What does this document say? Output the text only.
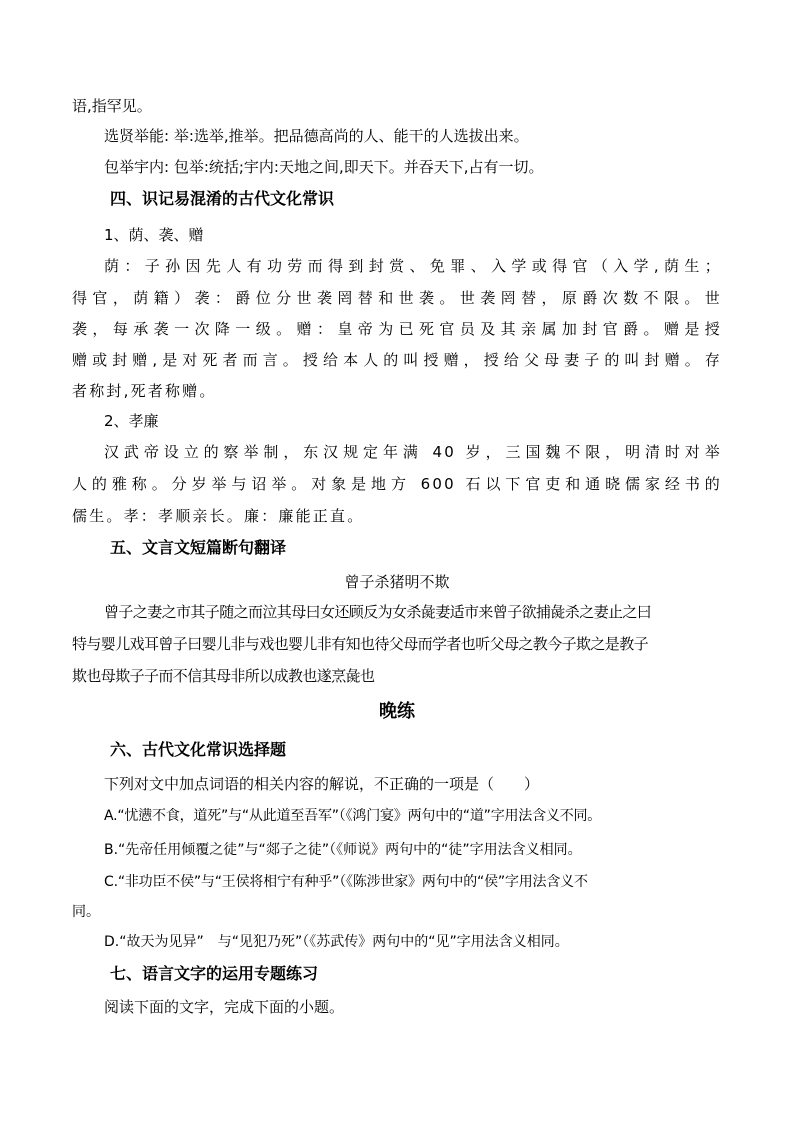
语,指罕见。
选贤举能: 举:选举,推举。把品德高尚的人、能干的人选拔出来。
包举宇内: 包举:统括;宇内:天地之间,即天下。并吞天下,占有一切。
四、识记易混淆的古代文化常识
1、荫、袭、赠
荫：子孙因先人有功劳而得到封赏、免罪、入学或得官（入学,荫生；
得官，荫籍）袭：爵位分世袭罔替和世袭。世袭罔替，原爵次数不限。世
袭，每承袭一次降一级。赠：皇帝为已死官员及其亲属加封官爵。赠是授
赠或封赠,是对死者而言。授给本人的叫授赠，授给父母妻子的叫封赠。存
者称封,死者称赠。
2、孝廉
汉武帝设立的察举制，东汉规定年满 40 岁，三国魏不限，明清时对举
人的雅称。分岁举与诏举。对象是地方 600 石以下官吏和通晓儒家经书的
儒生。孝：孝顺亲长。廉：廉能正直。
五、文言文短篇断句翻译
曾子杀猪明不欺
曾子之妻之市其子随之而泣其母曰女还顾反为女杀彘妻适市来曾子欲捕彘杀之妻止之曰
特与婴儿戏耳曾子曰婴儿非与戏也婴儿非有知也待父母而学者也听父母之教今子欺之是教子
欺也母欺子子而不信其母非所以成教也遂烹彘也
晚练
六、古代文化常识选择题
下列对文中加点词语的相关内容的解说，不正确的一项是（　　）
A.“忧懑不食，道死”与“从此道至吾军”（《鸿门宴》两句中的“道”字用法含义不同。
B.“先帝任用倾覆之徒”与“郯子之徒”（《师说》两句中的“徒”字用法含义相同。
C.“非功臣不侯”与“王侯将相宁有种乎”（《陈涉世家》两句中的“侯”字用法含义不
同。
D.“故天为见异”　与“见犯乃死”（《苏武传》两句中的“见”字用法含义相同。
七、语言文字的运用专题练习
阅读下面的文字，完成下面的小题。
